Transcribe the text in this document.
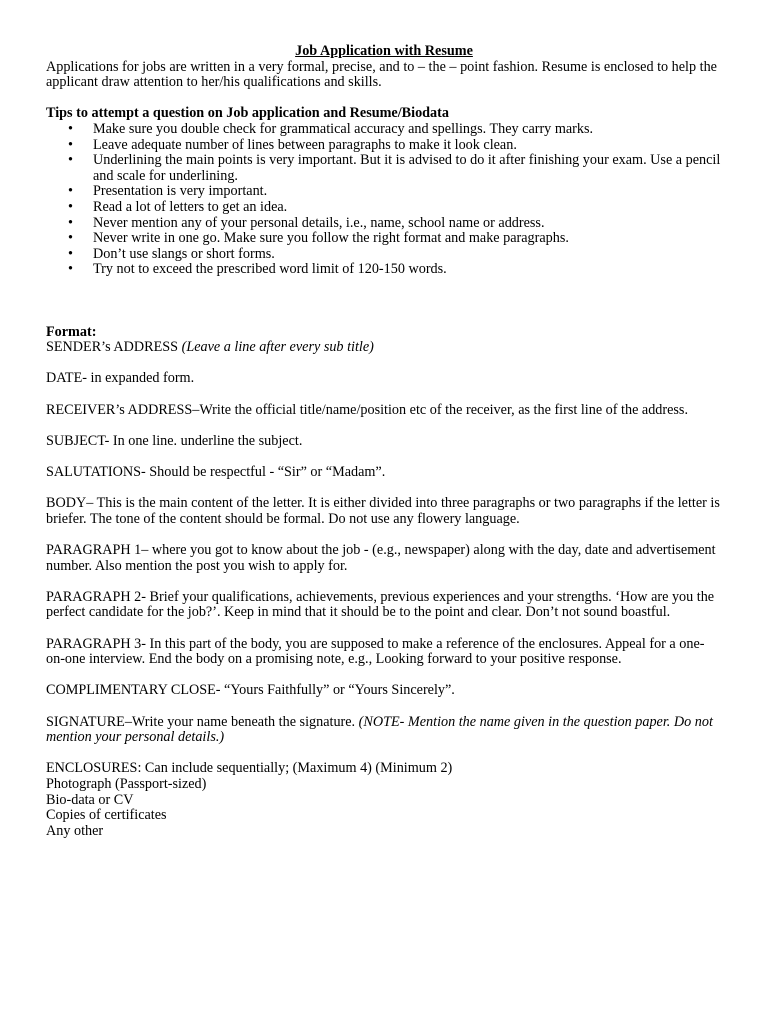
Job Application with Resume

Applications for jobs are written in a very formal, precise, and to – the – point fashion. Resume is enclosed to help the applicant draw attention to her/his qualifications and skills.

Tips to attempt a question on Job application and Resume/Biodata

• Make sure you double check for grammatical accuracy and spellings. They carry marks.
• Leave adequate number of lines between paragraphs to make it look clean.
• Underlining the main points is very important. But it is advised to do it after finishing your exam. Use a pencil and scale for underlining.
• Presentation is very important.
• Read a lot of letters to get an idea.
• Never mention any of your personal details, i.e., name, school name or address.
• Never write in one go. Make sure you follow the right format and make paragraphs.
• Don’t use slangs or short forms.
• Try not to exceed the prescribed word limit of 120-150 words.

Format:

SENDER’s ADDRESS (Leave a line after every sub title)

DATE- in expanded form.

RECEIVER’s ADDRESS–Write the official title/name/position etc of the receiver, as the first line of the address.

SUBJECT- In one line. underline the subject.

SALUTATIONS- Should be respectful - “Sir” or “Madam”.

BODY– This is the main content of the letter. It is either divided into three paragraphs or two paragraphs if the letter is briefer. The tone of the content should be formal. Do not use any flowery language.

PARAGRAPH 1– where you got to know about the job - (e.g., newspaper) along with the day, date and advertisement number. Also mention the post you wish to apply for.

PARAGRAPH 2- Brief your qualifications, achievements, previous experiences and your strengths. ‘How are you the perfect candidate for the job?’. Keep in mind that it should be to the point and clear. Don’t not sound boastful.

PARAGRAPH 3- In this part of the body, you are supposed to make a reference of the enclosures. Appeal for a one-on-one interview. End the body on a promising note, e.g., Looking forward to your positive response.

COMPLIMENTARY CLOSE- “Yours Faithfully” or “Yours Sincerely”.

SIGNATURE–Write your name beneath the signature. (NOTE- Mention the name given in the question paper. Do not mention your personal details.)

ENCLOSURES: Can include sequentially; (Maximum 4) (Minimum 2)

Photograph (Passport-sized)

Bio-data or CV

Copies of certificates

Any other
